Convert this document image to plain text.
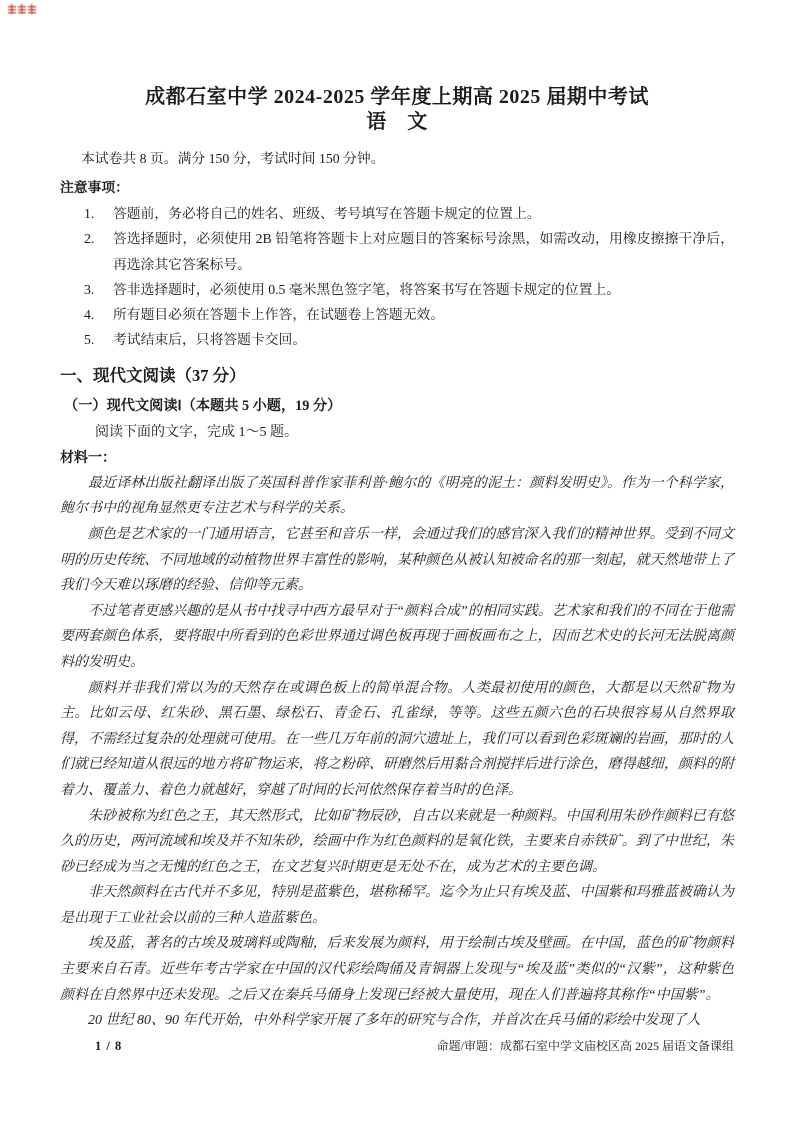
成都石室中学 2024-2025 学年度上期高 2025 届期中考试
语　文
本试卷共 8 页。满分 150 分，考试时间 150 分钟。
注意事项：
1.	答题前，务必将自己的姓名、班级、考号填写在答题卡规定的位置上。
2.	答选择题时，必须使用 2B 铅笔将答题卡上对应题目的答案标号涂黑，如需改动，用橡皮擦擦干净后，再选涂其它答案标号。
3.	答非选择题时，必须使用 0.5 毫米黑色签字笔，将答案书写在答题卡规定的位置上。
4.	所有题目必须在答题卡上作答，在试题卷上答题无效。
5.	考试结束后，只将答题卡交回。
一、现代文阅读（37 分）
（一）现代文阅读Ⅰ（本题共 5 小题，19 分）
阅读下面的文字，完成 1～5 题。
材料一：

最近译林出版社翻译出版了英国科普作家菲利普·鲍尔的《明亮的泥土：颜料发明史》。作为一个科学家，鲍尔书中的视角显然更专注艺术与科学的关系。

颜色是艺术家的一门通用语言，它甚至和音乐一样，会通过我们的感官深入我们的精神世界。受到不同文明的历史传统、不同地域的动植物世界丰富性的影响，某种颜色从被认知被命名的那一刻起，就天然地带上了我们今天难以琢磨的经验、信仰等元素。

不过笔者更感兴趣的是从书中找寻中西方最早对于“颜料合成”的相同实践。艺术家和我们的不同在于他需要两套颜色体系，要将眼中所看到的色彩世界通过调色板再现于画板画布之上，因而艺术史的长河无法脱离颜料的发明史。

颜料并非我们常以为的天然存在或调色板上的简单混合物。人类最初使用的颜色，大都是以天然矿物为主。比如云母、红朱砂、黑石墨、绿松石、青金石、孔雀绿，等等。这些五颜六色的石块很容易从自然界取得，不需经过复杂的处理就可使用。在一些几万年前的洞穴遗址上，我们可以看到色彩斑斓的岩画，那时的人们就已经知道从很远的地方将矿物运来，将之粉碎、研磨然后用黏合剂搅拌后进行涂色，磨得越细，颜料的附着力、覆盖力、着色力就越好，穿越了时间的长河依然保存着当时的色泽。

朱砂被称为红色之王，其天然形式，比如矿物辰砂，自古以来就是一种颜料。中国利用朱砂作颜料已有悠久的历史，两河流域和埃及并不知朱砂，绘画中作为红色颜料的是氧化铁，主要来自赤铁矿。到了中世纪，朱砂已经成为当之无愧的红色之王，在文艺复兴时期更是无处不在，成为艺术的主要色调。

非天然颜料在古代并不多见，特别是蓝紫色，堪称稀罕。迄今为止只有埃及蓝、中国紫和玛雅蓝被确认为是出现于工业社会以前的三种人造蓝紫色。

埃及蓝，著名的古埃及玻璃料或陶釉，后来发展为颜料，用于绘制古埃及壁画。在中国，蓝色的矿物颜料主要来自石青。近些年考古学家在中国的汉代彩绘陶俑及青铜器上发现与“埃及蓝”类似的“汉紫”，这种紫色颜料在自然界中还未发现。之后又在秦兵马俑身上发现已经被大量使用，现在人们普遍将其称作“中国紫”。

20 世纪 80、90 年代开始，中外科学家开展了多年的研究与合作，并首次在兵马俑的彩绘中发现了人

1 / 8	命题/审题：成都石室中学文庙校区高 2025 届语文备课组
